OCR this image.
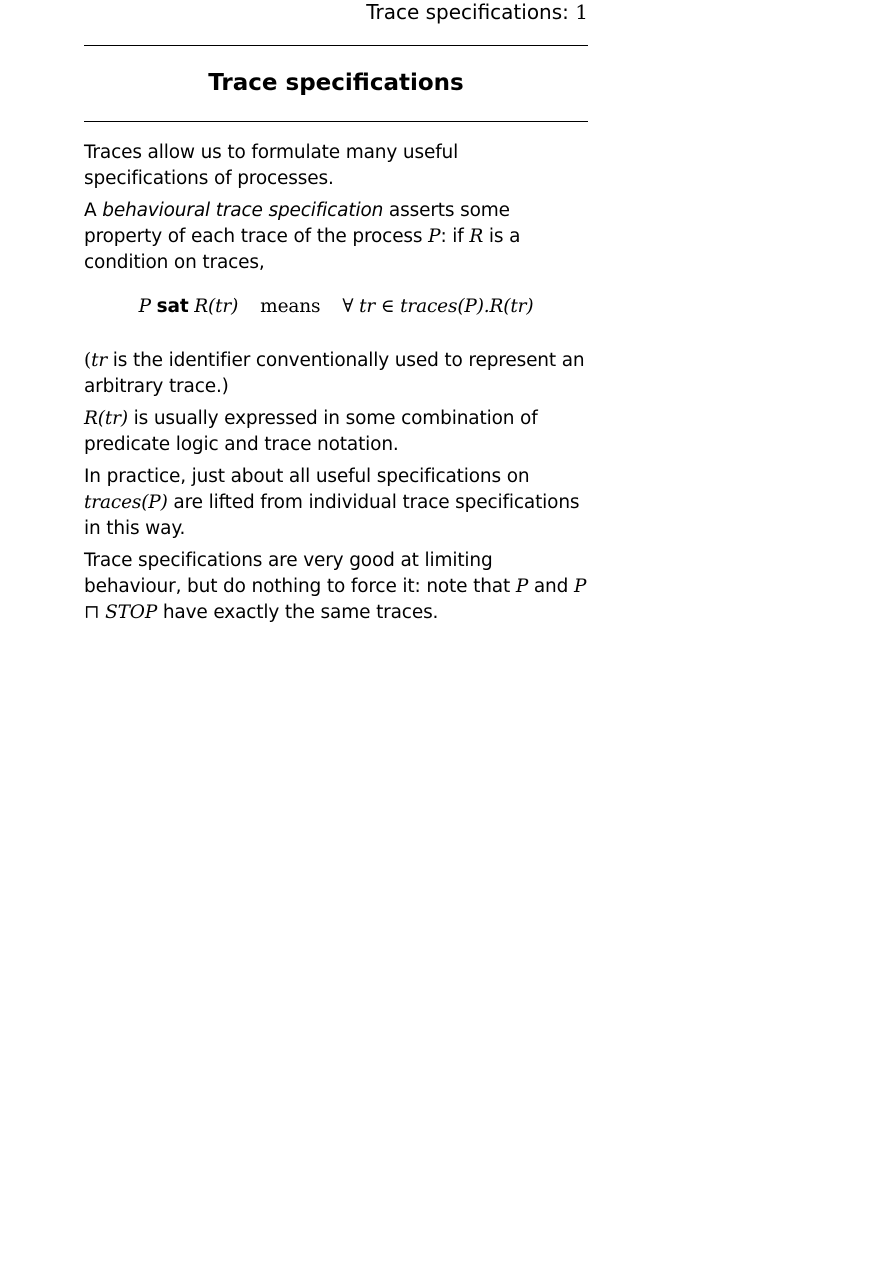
Trace specifications: 1
Trace specifications

Traces allow us to formulate many useful specifications of processes.

A behavioural trace specification asserts some property of each trace of the process P: if R is a condition on traces,

P sat R(tr) means ∀ tr ∈ traces(P).R(tr)

(tr is the identifier conventionally used to represent an arbitrary trace.)

R(tr) is usually expressed in some combination of predicate logic and trace notation.

In practice, just about all useful specifications on traces(P) are lifted from individual trace specifications in this way.

Trace specifications are very good at limiting behaviour, but do nothing to force it: note that P and P ⊓ STOP have exactly the same traces.
